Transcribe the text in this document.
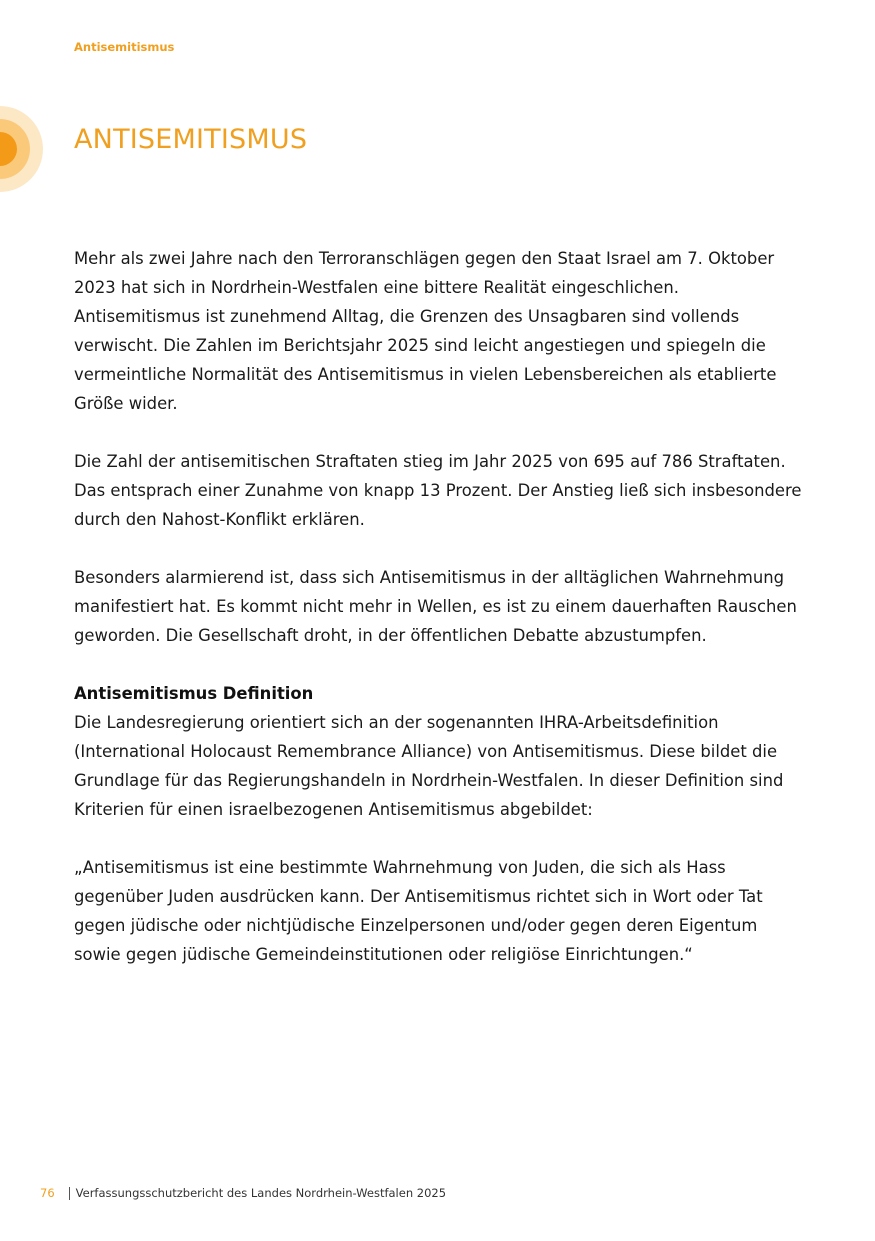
Antisemitismus
ANTISEMITISMUS

Mehr als zwei Jahre nach den Terroranschlägen gegen den Staat Israel am 7. Oktober 2023 hat sich in Nordrhein-Westfalen eine bittere Realität eingeschlichen. Antisemitismus ist zunehmend Alltag, die Grenzen des Unsagbaren sind vollends verwischt. Die Zahlen im Berichtsjahr 2025 sind leicht angestiegen und spiegeln die vermeintliche Normalität des Antisemitismus in vielen Lebensbereichen als etablierte Größe wider.

Die Zahl der antisemitischen Straftaten stieg im Jahr 2025 von 695 auf 786 Straftaten. Das entsprach einer Zunahme von knapp 13 Prozent. Der Anstieg ließ sich insbesondere durch den Nahost-Konflikt erklären.

Besonders alarmierend ist, dass sich Antisemitismus in der alltäglichen Wahrnehmung manifestiert hat. Es kommt nicht mehr in Wellen, es ist zu einem dauerhaften Rauschen geworden. Die Gesellschaft droht, in der öffentlichen Debatte abzustumpfen.

Antisemitismus Definition

Die Landesregierung orientiert sich an der sogenannten IHRA-Arbeitsdefinition (International Holocaust Remembrance Alliance) von Antisemitismus. Diese bildet die Grundlage für das Regierungshandeln in Nordrhein-Westfalen. In dieser Definition sind Kriterien für einen israelbezogenen Antisemitismus abgebildet:

„Antisemitismus ist eine bestimmte Wahrnehmung von Juden, die sich als Hass gegenüber Juden ausdrücken kann. Der Antisemitismus richtet sich in Wort oder Tat gegen jüdische oder nichtjüdische Einzelpersonen und/oder gegen deren Eigentum sowie gegen jüdische Gemeindeinstitutionen oder religiöse Einrichtungen.“

76 Verfassungsschutzbericht des Landes Nordrhein-Westfalen 2025
